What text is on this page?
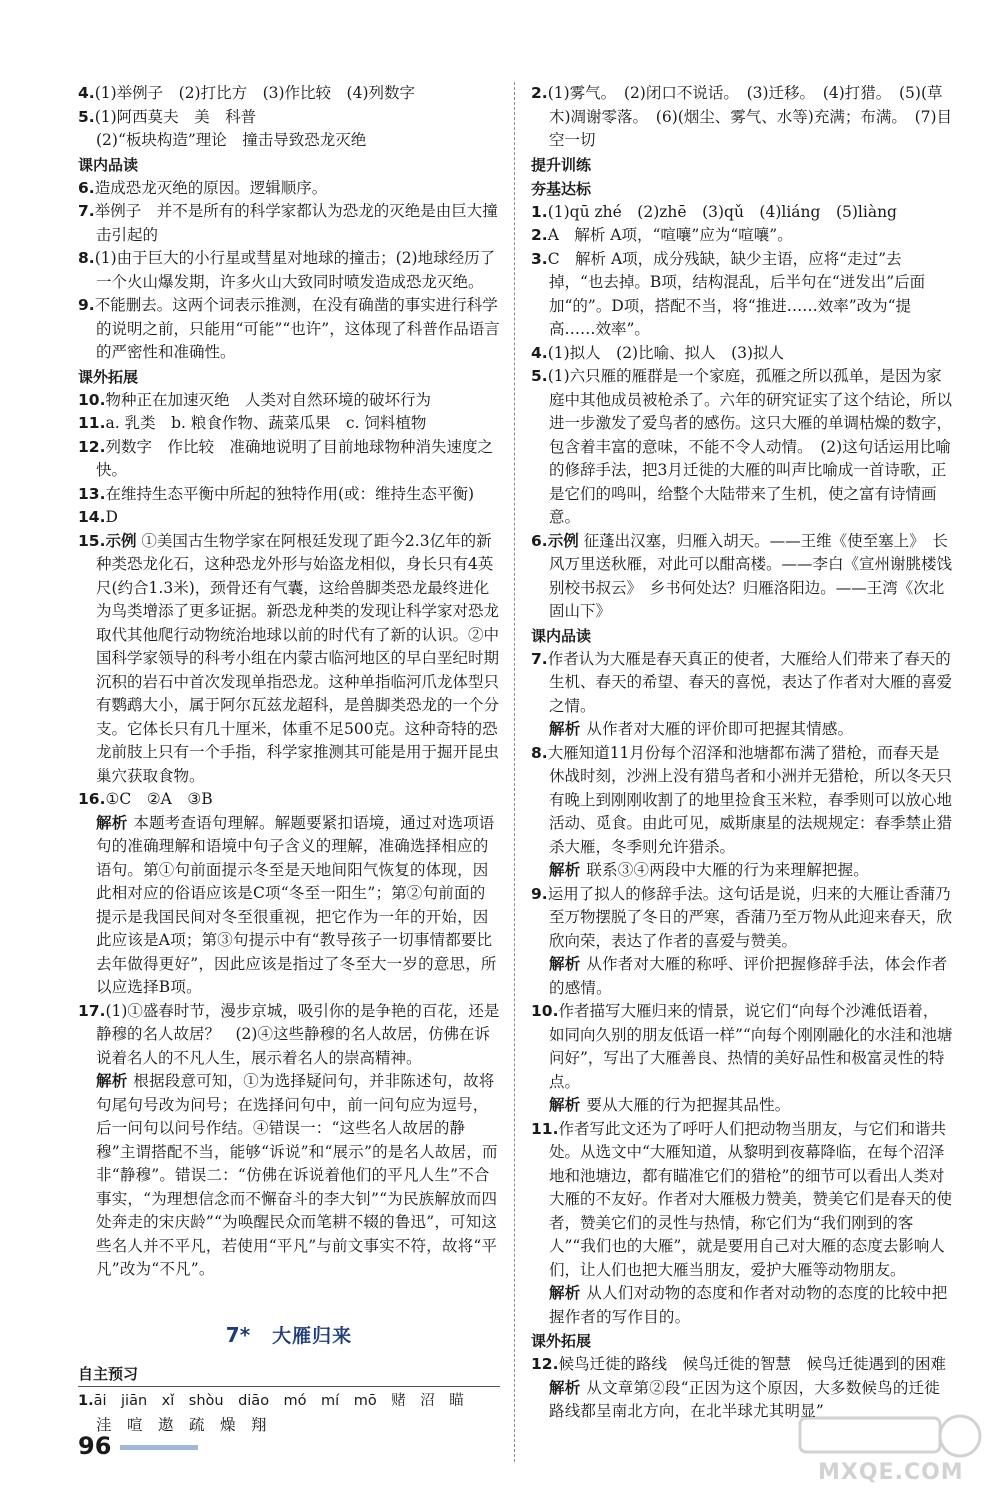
4.(1)举例子　(2)打比方　(3)作比较　(4)列数字

5.(1)阿西莫夫　美　科普

(2)“板块构造”理论　撞击导致恐龙灭绝

课内品读

6.造成恐龙灭绝的原因。逻辑顺序。

7.举例子　并不是所有的科学家都认为恐龙的灭绝是由巨大撞击引起的

8.(1)由于巨大的小行星或彗星对地球的撞击；(2)地球经历了一个火山爆发期，许多火山大致同时喷发造成恐龙灭绝。

9.不能删去。这两个词表示推测，在没有确凿的事实进行科学的说明之前，只能用“可能”“也许”，这体现了科普作品语言的严密性和准确性。

课外拓展

10.物种正在加速灭绝　人类对自然环境的破坏行为

11.a. 乳类　b. 粮食作物、蔬菜瓜果　c. 饲料植物

12.列数字　作比较　准确地说明了目前地球物种消失速度之快。

13.在维持生态平衡中所起的独特作用(或：维持生态平衡)

14.D

15.示例 ①美国古生物学家在阿根廷发现了距今2.3亿年的新种类恐龙化石，这种恐龙外形与始盗龙相似，身长只有4英尺(约合1.3米)，颈骨还有气囊，这给兽脚类恐龙最终进化为鸟类增添了更多证据。新恐龙种类的发现让科学家对恐龙取代其他爬行动物统治地球以前的时代有了新的认识。②中国科学家领导的科考小组在内蒙古临河地区的早白垩纪时期沉积的岩石中首次发现单指恐龙。这种单指临河爪龙体型只有鹦鹉大小，属于阿尔瓦兹龙超科，是兽脚类恐龙的一个分支。它体长只有几十厘米，体重不足500克。这种奇特的恐龙前肢上只有一个手指，科学家推测其可能是用于掘开昆虫巢穴获取食物。

16.①C　②A　③B

解析 本题考查语句理解。解题要紧扣语境，通过对选项语句的准确理解和语境中句子含义的理解，准确选择相应的语句。第①句前面提示冬至是天地间阳气恢复的体现，因此相对应的俗语应该是C项“冬至一阳生”；第②句前面的提示是我国民间对冬至很重视，把它作为一年的开始，因此应该是A项；第③句提示中有“教导孩子一切事情都要比去年做得更好”，因此应该是指过了冬至大一岁的意思，所以应选择B项。

17.(1)①盛春时节，漫步京城，吸引你的是争艳的百花，还是静穆的名人故居？　(2)④这些静穆的名人故居，仿佛在诉说着名人的不凡人生，展示着名人的崇高精神。

解析 根据段意可知，①为选择疑问句，并非陈述句，故将句尾句号改为问号；在选择问句中，前一问句应为逗号，后一问句以问号作结。④错误一：“这些名人故居的静穆”主谓搭配不当，能够“诉说”和“展示”的是名人故居，而非“静穆”。错误二：“仿佛在诉说着他们的平凡人生”不合事实，“为理想信念而不懈奋斗的李大钊”“为民族解放而四处奔走的宋庆龄”“为唤醒民众而笔耕不辍的鲁迅”，可知这些名人并不平凡，若使用“平凡”与前文事实不符，故将“平凡”改为“不凡”。

7* 大雁归来

自主预习

1.āi　jiān　xǐ　shòu　diāo　mó　mí　mō　赌　沼　瞄

洼　喧　遨　疏　燥　翔

2.(1)雾气。　(2)闭口不说话。　(3)迁移。　(4)打猎。　(5)(草木)凋谢零落。　(6)(烟尘、雾气、水等)充满；布满。　(7)目空一切

提升训练

夯基达标

1.(1)qū zhé　(2)zhē　(3)qǔ　(4)liáng　(5)liàng

2.A　解析 A项，“喧嚷”应为“喧嚷”。

3.C　解析 A项，成分残缺，缺少主语，应将“走过”去掉，“也去掉。B项，结构混乱，后半句在“迸发出”后面加“的”。D项，搭配不当，将“推进……效率”改为“提高……效率”。

4.(1)拟人　(2)比喻、拟人　(3)拟人

5.(1)六只雁的雁群是一个家庭，孤雁之所以孤单，是因为家庭中其他成员被枪杀了。六年的研究证实了这个结论，所以进一步激发了爱鸟者的感伤。这只大雁的单调枯燥的数字，包含着丰富的意味，不能不令人动情。　(2)这句话运用比喻的修辞手法，把3月迁徙的大雁的叫声比喻成一首诗歌，正是它们的鸣叫，给整个大陆带来了生机，使之富有诗情画意。

6.示例 征蓬出汉塞，归雁入胡天。——王维《使至塞上》　长风万里送秋雁，对此可以酣高楼。——李白《宣州谢朓楼饯别校书叔云》　乡书何处达？归雁洛阳边。——王湾《次北固山下》

课内品读

7.作者认为大雁是春天真正的使者，大雁给人们带来了春天的生机、春天的希望、春天的喜悦，表达了作者对大雁的喜爱之情。

解析 从作者对大雁的评价即可把握其情感。

8.大雁知道11月份每个沼泽和池塘都布满了猎枪，而春天是休战时刻，沙洲上没有猎鸟者和小洲并无猎枪，所以冬天只有晚上到刚刚收割了的地里捡食玉米粒，春季则可以放心地活动、觅食。由此可见，威斯康星的法规规定：春季禁止猎杀大雁，冬季则允许猎杀。

解析 联系③④两段中大雁的行为来理解把握。

9.运用了拟人的修辞手法。这句话是说，归来的大雁让香蒲乃至万物摆脱了冬日的严寒，香蒲乃至万物从此迎来春天，欣欣向荣，表达了作者的喜爱与赞美。

解析 从作者对大雁的称呼、评价把握修辞手法，体会作者的感情。

10.作者描写大雁归来的情景，说它们“向每个沙滩低语着，如同向久别的朋友低语一样”“向每个刚刚融化的水洼和池塘问好”，写出了大雁善良、热情的美好品性和极富灵性的特点。

解析 要从大雁的行为把握其品性。

11.作者写此文还为了呼吁人们把动物当朋友，与它们和谐共处。从选文中“大雁知道，从黎明到夜幕降临，在每个沼泽地和池塘边，都有瞄准它们的猎枪”的细节可以看出人类对大雁的不友好。作者对大雁极力赞美，赞美它们是春天的使者，赞美它们的灵性与热情，称它们为“我们刚到的客人”“我们也的大雁”，就是要用自己对大雁的态度去影响人们，让人们也把大雁当朋友，爱护大雁等动物朋友。

解析 从人们对动物的态度和作者对动物的态度的比较中把握作者的写作目的。

课外拓展

12.候鸟迁徙的路线　候鸟迁徙的智慧　候鸟迁徙遇到的困难

解析 从文章第②段“正因为这个原因，大多数候鸟的迁徙路线都呈南北方向，在北半球尤其明显”

96
MXQE.COM
